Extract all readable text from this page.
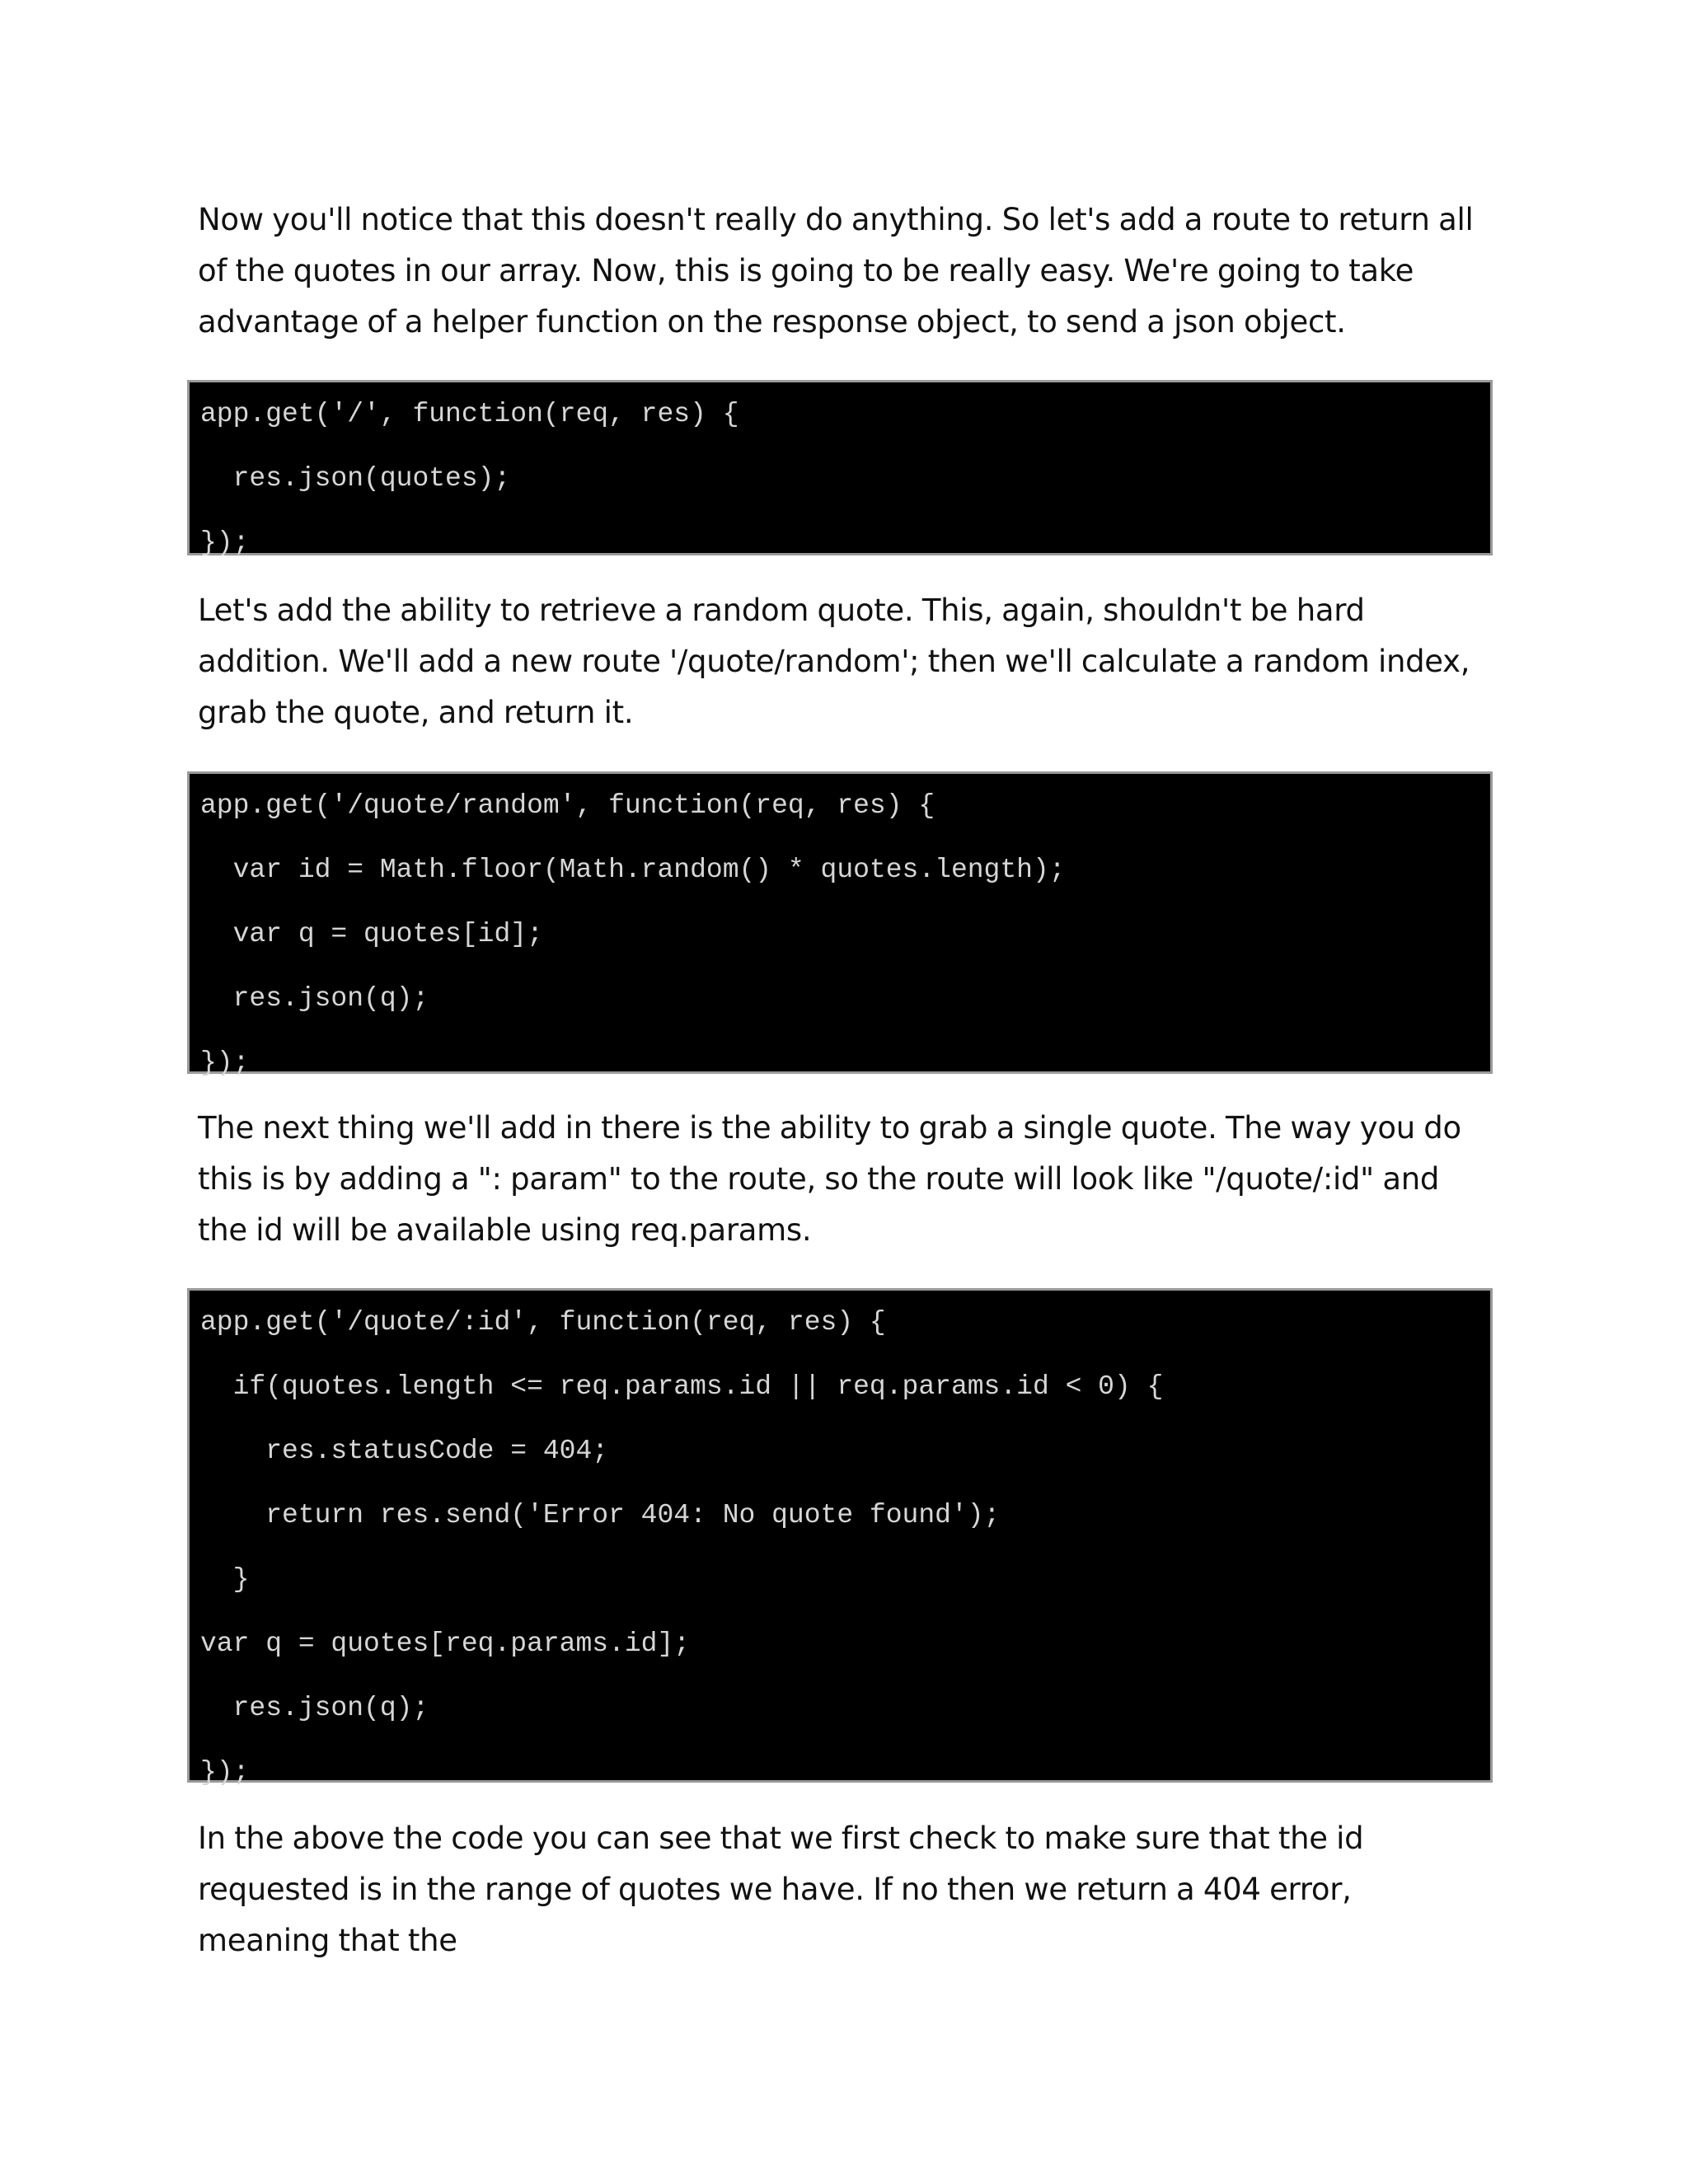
Now you'll notice that this doesn't really do anything. So let's add a route to return all of the quotes in our array. Now, this is going to be really easy. We're going to take advantage of a helper function on the response object, to send a json object.

app.get('/', function(req, res) {
res.json(quotes);
});

Let's add the ability to retrieve a random quote. This, again, shouldn't be hard addition. We'll add a new route '/quote/random'; then we'll calculate a random index, grab the quote, and return it.

app.get('/quote/random', function(req, res) {
var id = Math.floor(Math.random() * quotes.length);
var q = quotes[id];
res.json(q);
});

The next thing we'll add in there is the ability to grab a single quote. The way you do this is by adding a ": param" to the route, so the route will look like "/quote/:id" and the id will be available using req.params.

app.get('/quote/:id', function(req, res) {
if(quotes.length <= req.params.id || req.params.id < 0) {
res.statusCode = 404;
return res.send('Error 404: No quote found');
}
var q = quotes[req.params.id];
res.json(q);
});

In the above the code you can see that we first check to make sure that the id requested is in the range of quotes we have. If no then we return a 404 error, meaning that the
